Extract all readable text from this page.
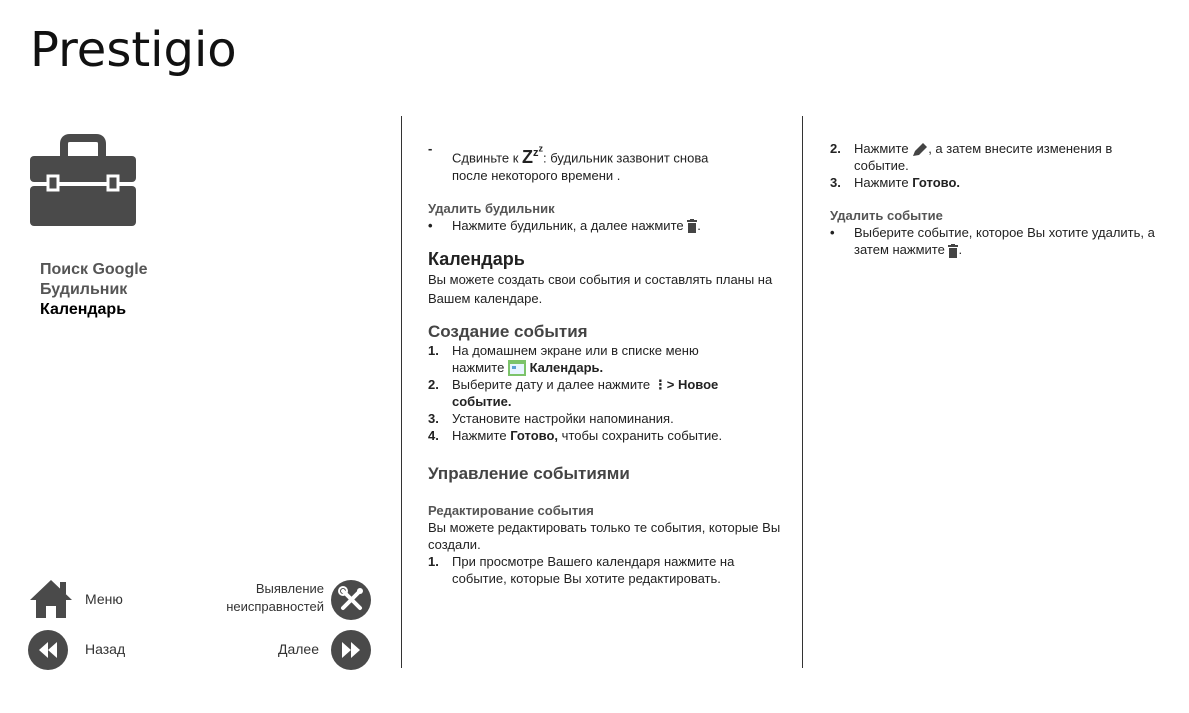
Prestigio
Поиск Google
Будильник
Календарь
-
Сдвиньте к $Z^{z^z}$: будильник зазвонит снова
после некоторого времени .
Удалить будильник
• Нажмите будильник, а далее нажмите .
Календарь
Вы можете создать свои события и составлять планы на Вашем календаре.
Создание события
1. На домашнем экране или в списке меню
нажмите Календарь.
2. Выберите дату и далее нажмите ⋮> Новое
событие.
3. Установите настройки напоминания.
4. Нажмите Готово, чтобы сохранить событие.
Управление событиями
Редактирование события
Вы можете редактировать только те события, которые Вы создали.
1. При просмотре Вашего календаря нажмите на событие, которые Вы хотите редактировать.
2. Нажмите , а затем внесите изменения в событие.
3. Нажмите Готово.
Удалить событие
• Выберите событие, которое Вы хотите удалить, а затем нажмите .
Меню
Выявление неисправностей
Назад	Далее
